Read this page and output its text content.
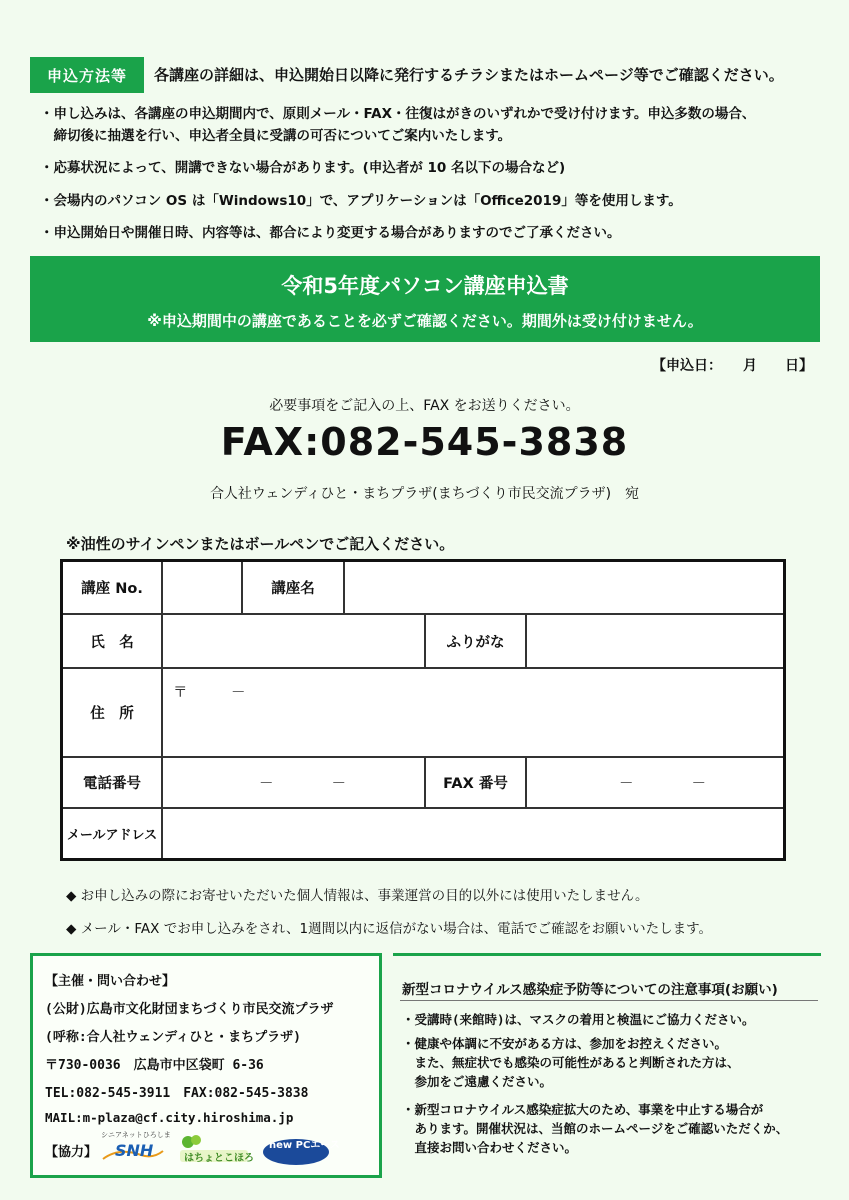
申込方法等	各講座の詳細は、申込開始日以降に発行するチラシまたはホームページ等でご確認ください。
・申し込みは、各講座の申込期間内で、原則メール・FAX・往復はがきのいずれかで受け付けます。申込多数の場合、
　締切後に抽選を行い、申込者全員に受講の可否についてご案内いたします。
・応募状況によって、開講できない場合があります。(申込者が 10 名以下の場合など)
・会場内のパソコン OS は「Windows10」で、アプリケーションは「Office2019」等を使用します。
・申込開始日や開催日時、内容等は、都合により変更する場合がありますのでご了承ください。
令和5年度パソコン講座申込書
※申込期間中の講座であることを必ずご確認ください。期間外は受け付けません。
【申込日：　　月　　日】
必要事項をご記入の上、FAX をお送りください。
FAX:082-545-3838
合人社ウェンディひと・まちプラザ(まちづくり市民交流プラザ)　宛
※油性のサインペンまたはボールペンでご記入ください。
講座 No.	講座名
氏　名	ふりがな
住　所
〒　　　－
電話番号	－　　　　－	FAX 番号	－　　　　－
メールアドレス
◆ お申し込みの際にお寄せいただいた個人情報は、事業運営の目的以外には使用いたしません。
◆ メール・FAX でお申し込みをされ、1週間以内に返信がない場合は、電話でご確認をお願いいたします。
【主催・問い合わせ】
(公財)広島市文化財団まちづくり市民交流プラザ
(呼称:合人社ウェンディひと・まちプラザ)
〒730-0036　広島市中区袋町 6-36
TEL:082-545-3911　FAX:082-545-3838
MAIL:m-plaza@cf.city.hiroshima.jp
【協力】
シニアネットひろしま
SNH	はちょとこほろ
new PCエース
新型コロナウイルス感染症予防等についての注意事項(お願い)
・受講時(来館時)は、マスクの着用と検温にご協力ください。
・健康や体調に不安がある方は、参加をお控えください。
　また、無症状でも感染の可能性があると判断された方は、
　参加をご遠慮ください。
・新型コロナウイルス感染症拡大のため、事業を中止する場合が
　あります。開催状況は、当館のホームページをご確認いただくか、
　直接お問い合わせください。
